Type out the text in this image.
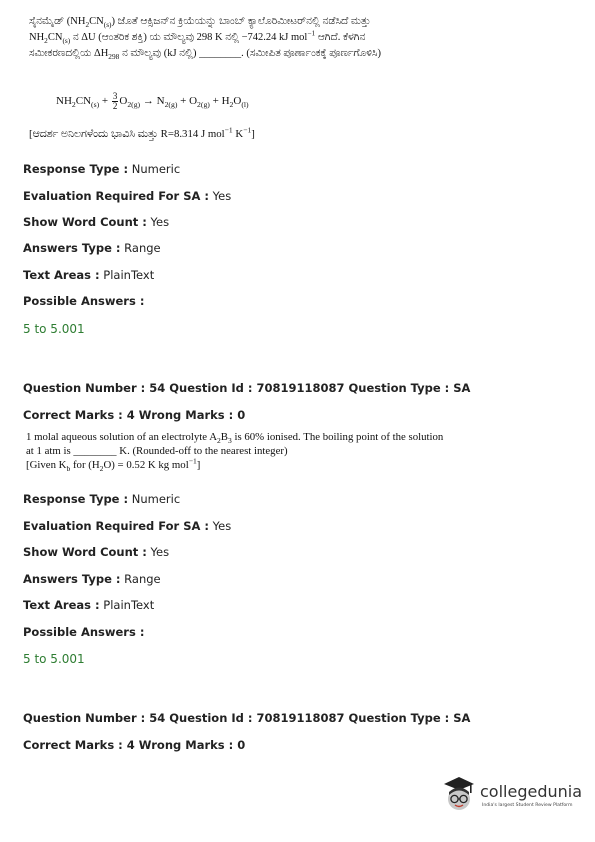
ಸೈನಮೈಡ್ $(NH_2CN_{(s)})$ ಜೊತೆ ಆಕ್ಸಿಜನ್‌ನ ಕ್ರಿಯೆಯನ್ನು ಬಾಂಬ್ ಕ್ಯಾಲೊರಿಮೀಟರ್‌ನಲ್ಲಿ ನಡೆಸಿದೆ ಮತ್ತು
$NH_2CN_{(s)}$ ನ ΔU (ಆಂತರಿಕ ಶಕ್ತಿ) ಯ ಮೌಲ್ಯವು 298 K ನಲ್ಲಿ −742.24 kJ mol$^{-1}$ ಆಗಿದೆ. ಕೆಳಗಿನ
ಸಮೀಕರಣದಲ್ಲಿಯ $\Delta H_{298}$ ನ ಮೌಲ್ಯವು (kJ ನಲ್ಲಿ) ________. (ಸಮೀಪಿತ ಪೂರ್ಣಾಂಕಕ್ಕೆ ಪೂರ್ಣಗೊಳಿಸಿ)
$NH_2CN_{(s)} + \frac{3}{2} O_{2(g)} \to N_{2(g)} + O_{2(g)} + H_2O_{(l)}$
[ಆದರ್ಶ ಅನಿಲಗಳೆಂದು ಭಾವಿಸಿ ಮತ್ತು R=8.314 J mol$^{-1}$ $K^{-1}$]
Response Type : Numeric
Evaluation Required For SA : Yes
Show Word Count : Yes
Answers Type : Range
Text Areas : PlainText
Possible Answers :
5 to 5.001
Question Number : 54 Question Id : 70819118087 Question Type : SA
Correct Marks : 4 Wrong Marks : 0
1 molal aqueous solution of an electrolyte $A_2B_3$ is 60% ionised. The boiling point of the solution
at 1 atm is ________ K. (Rounded-off to the nearest integer)
[Given $K_b$ for $(H_2O) = 0.52$ K kg mol$^{-1}$]
Response Type : Numeric
Evaluation Required For SA : Yes
Show Word Count : Yes
Answers Type : Range
Text Areas : PlainText
Possible Answers :
5 to 5.001
Question Number : 54 Question Id : 70819118087 Question Type : SA
Correct Marks : 4 Wrong Marks : 0
collegedunia
India's largest Student Review Platform
